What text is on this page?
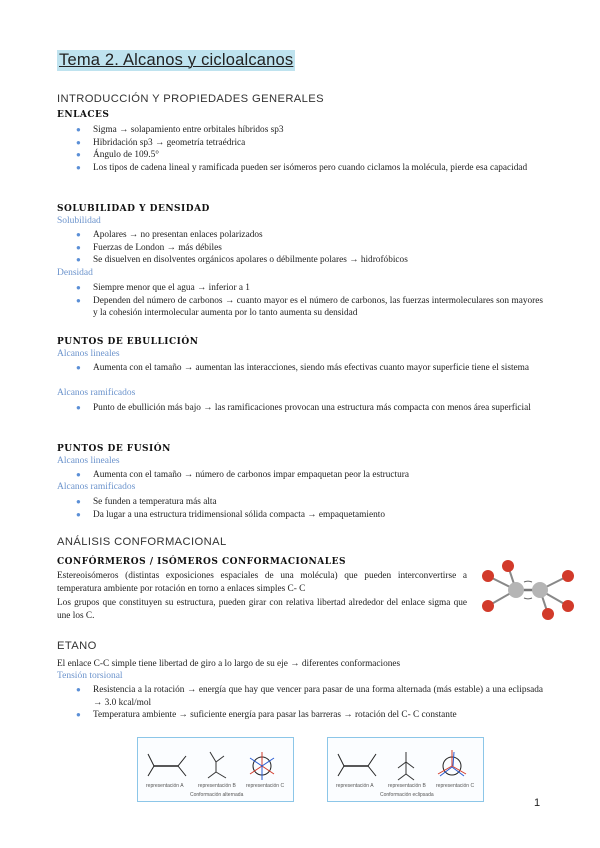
Tema 2. Alcanos y cicloalcanos
INTRODUCCIÓN Y PROPIEDADES GENERALES
ENLACES
● Sigma → solapamiento entre orbitales híbridos sp3
● Hibridación sp3 → geometría tetraédrica
● Ángulo de 109.5°
● Los tipos de cadena lineal y ramificada pueden ser isómeros pero cuando ciclamos la molécula, pierde esa capacidad
SOLUBILIDAD Y DENSIDAD
Solubilidad
● Apolares → no presentan enlaces polarizados
● Fuerzas de London → más débiles
● Se disuelven en disolventes orgánicos apolares o débilmente polares → hidrofóbicos
Densidad
● Siempre menor que el agua → inferior a 1
● Dependen del número de carbonos → cuanto mayor es el número de carbonos, las fuerzas intermoleculares son mayores y la cohesión intermolecular aumenta por lo tanto aumenta su densidad
PUNTOS DE EBULLICIÓN
Alcanos lineales
● Aumenta con el tamaño → aumentan las interacciones, siendo más efectivas cuanto mayor superficie tiene el sistema
Alcanos ramificados
● Punto de ebullición más bajo → las ramificaciones provocan una estructura más compacta con menos área superficial
PUNTOS DE FUSIÓN
Alcanos lineales
● Aumenta con el tamaño → número de carbonos impar empaquetan peor la estructura
Alcanos ramificados
● Se funden a temperatura más alta
● Da lugar a una estructura tridimensional sólida compacta → empaquetamiento
ANÁLISIS CONFORMACIONAL
CONFÓRMEROS / ISÓMEROS CONFORMACIONALES
Estereoisómeros (distintas exposiciones espaciales de una molécula) que pueden interconvertirse a temperatura ambiente por rotación en torno a enlaces simples C- C
Los grupos que constituyen su estructura, pueden girar con relativa libertad alrededor del enlace sigma que une los C.
ETANO
El enlace C-C simple tiene libertad de giro a lo largo de su eje → diferentes conformaciones
Tensión torsional
● Resistencia a la rotación → energía que hay que vencer para pasar de una forma alternada (más estable) a una eclipsada → 3.0 kcal/mol
● Temperatura ambiente → suficiente energía para pasar las barreras → rotación del C- C constante
representación A	representación B representación C
Conformación alternada
representación A	representación B representación C
Conformación eclipsada
1
